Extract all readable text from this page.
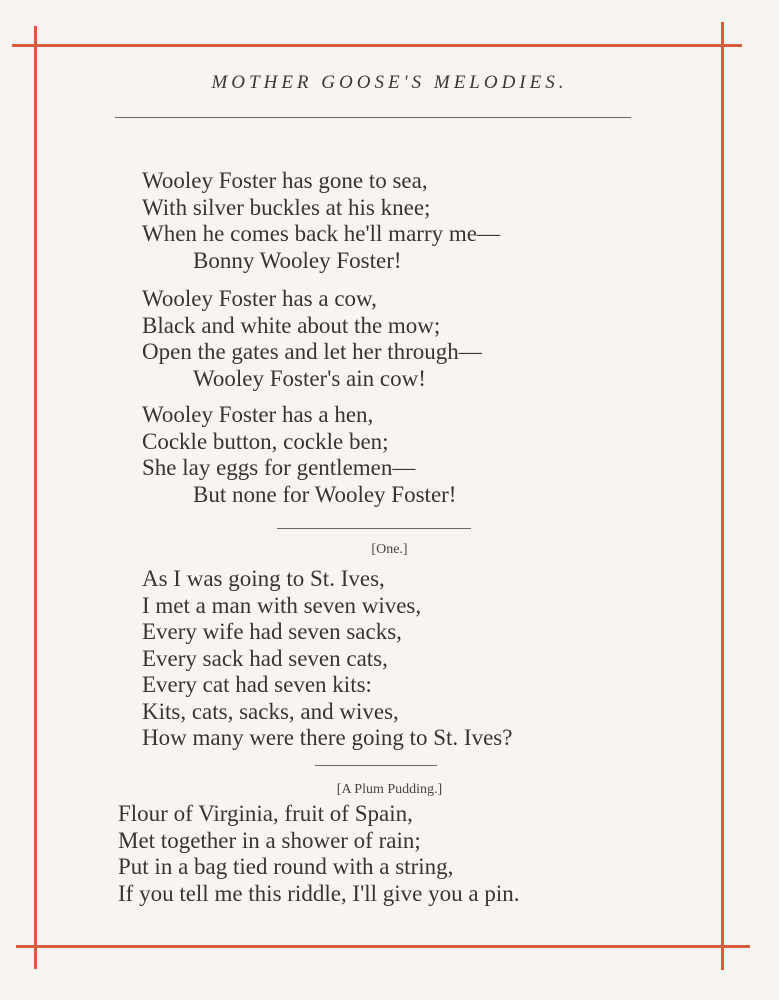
MOTHER GOOSE'S MELODIES.
Wooley Foster has gone to sea,
With silver buckles at his knee;
When he comes back he'll marry me—
Bonny Wooley Foster!
Wooley Foster has a cow,
Black and white about the mow;
Open the gates and let her through—
Wooley Foster's ain cow!
Wooley Foster has a hen,
Cockle button, cockle ben;
She lay eggs for gentlemen—
But none for Wooley Foster!
[One.]
As I was going to St. Ives,
I met a man with seven wives,
Every wife had seven sacks,
Every sack had seven cats,
Every cat had seven kits:
Kits, cats, sacks, and wives,
How many were there going to St. Ives?
[A Plum Pudding.]
Flour of Virginia, fruit of Spain,
Met together in a shower of rain;
Put in a bag tied round with a string,
If you tell me this riddle, I'll give you a pin.
